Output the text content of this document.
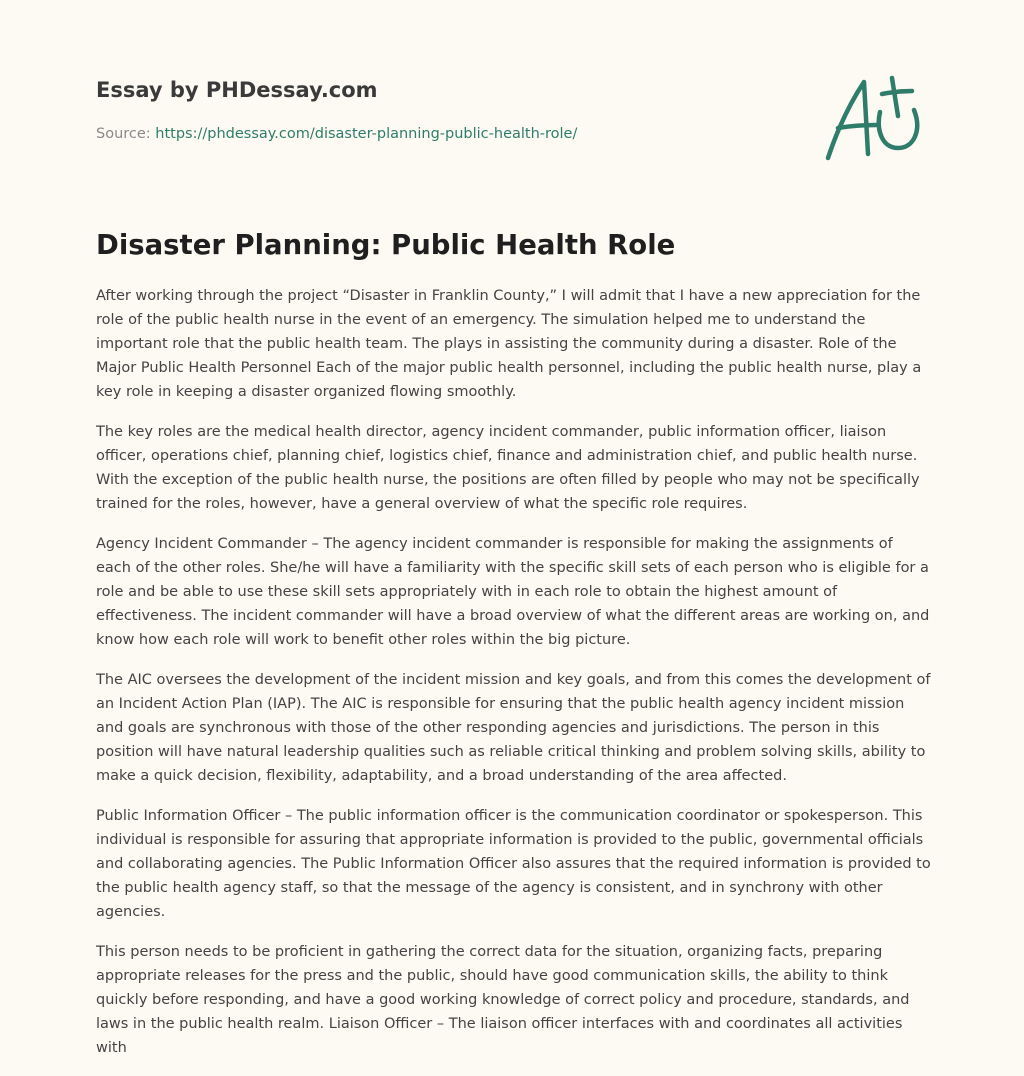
Essay by PHDessay.com

Source: https://phdessay.com/disaster-planning-public-health-role/
Disaster Planning: Public Health Role

After working through the project “Disaster in Franklin County,” I will admit that I have a new appreciation for the role of the public health nurse in the event of an emergency. The simulation helped me to understand the important role that the public health team. The plays in assisting the community during a disaster. Role of the Major Public Health Personnel Each of the major public health personnel, including the public health nurse, play a key role in keeping a disaster organized flowing smoothly.

The key roles are the medical health director, agency incident commander, public information officer, liaison officer, operations chief, planning chief, logistics chief, finance and administration chief, and public health nurse. With the exception of the public health nurse, the positions are often filled by people who may not be specifically trained for the roles, however, have a general overview of what the specific role requires.

Agency Incident Commander – The agency incident commander is responsible for making the assignments of each of the other roles. She/he will have a familiarity with the specific skill sets of each person who is eligible for a role and be able to use these skill sets appropriately with in each role to obtain the highest amount of effectiveness. The incident commander will have a broad overview of what the different areas are working on, and know how each role will work to benefit other roles within the big picture.

The AIC oversees the development of the incident mission and key goals, and from this comes the development of an Incident Action Plan (IAP). The AIC is responsible for ensuring that the public health agency incident mission and goals are synchronous with those of the other responding agencies and jurisdictions. The person in this position will have natural leadership qualities such as reliable critical thinking and problem solving skills, ability to make a quick decision, flexibility, adaptability, and a broad understanding of the area affected.

Public Information Officer – The public information officer is the communication coordinator or spokesperson. This individual is responsible for assuring that appropriate information is provided to the public, governmental officials and collaborating agencies. The Public Information Officer also assures that the required information is provided to the public health agency staff, so that the message of the agency is consistent, and in synchrony with other agencies.

This person needs to be proficient in gathering the correct data for the situation, organizing facts, preparing appropriate releases for the press and the public, should have good communication skills, the ability to think quickly before responding, and have a good working knowledge of correct policy and procedure, standards, and laws in the public health realm. Liaison Officer – The liaison officer interfaces with and coordinates all activities with
